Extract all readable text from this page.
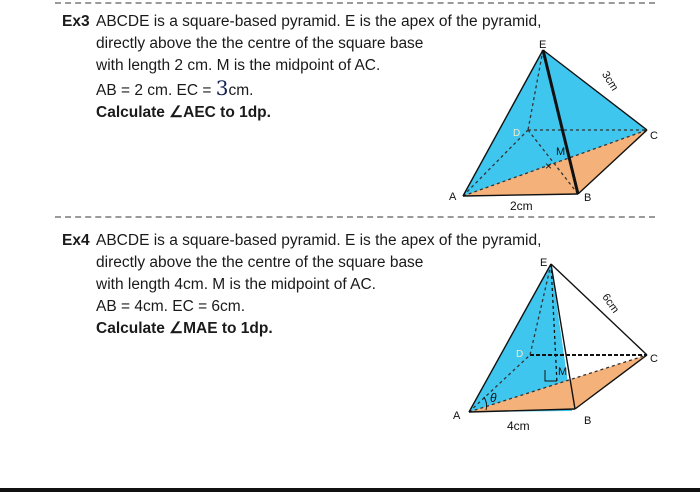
Ex3 ABCDE is a square-based pyramid. E is the apex of the pyramid,
directly above the the centre of the square base
with length 2 cm. M is the midpoint of AC.
AB = 2 cm. EC = 3cm.
Calculate ∠AEC to 1dp.
E
A	B
C
D
M
×
3cm
2cm
Ex4 ABCDE is a square-based pyramid. E is the apex of the pyramid,
directly above the the centre of the square base
with length 4cm. M is the midpoint of AC.
AB = 4cm. EC = 6cm.
Calculate ∠MAE to 1dp.
E
A	B
C
D
M
θ
6cm
4cm
